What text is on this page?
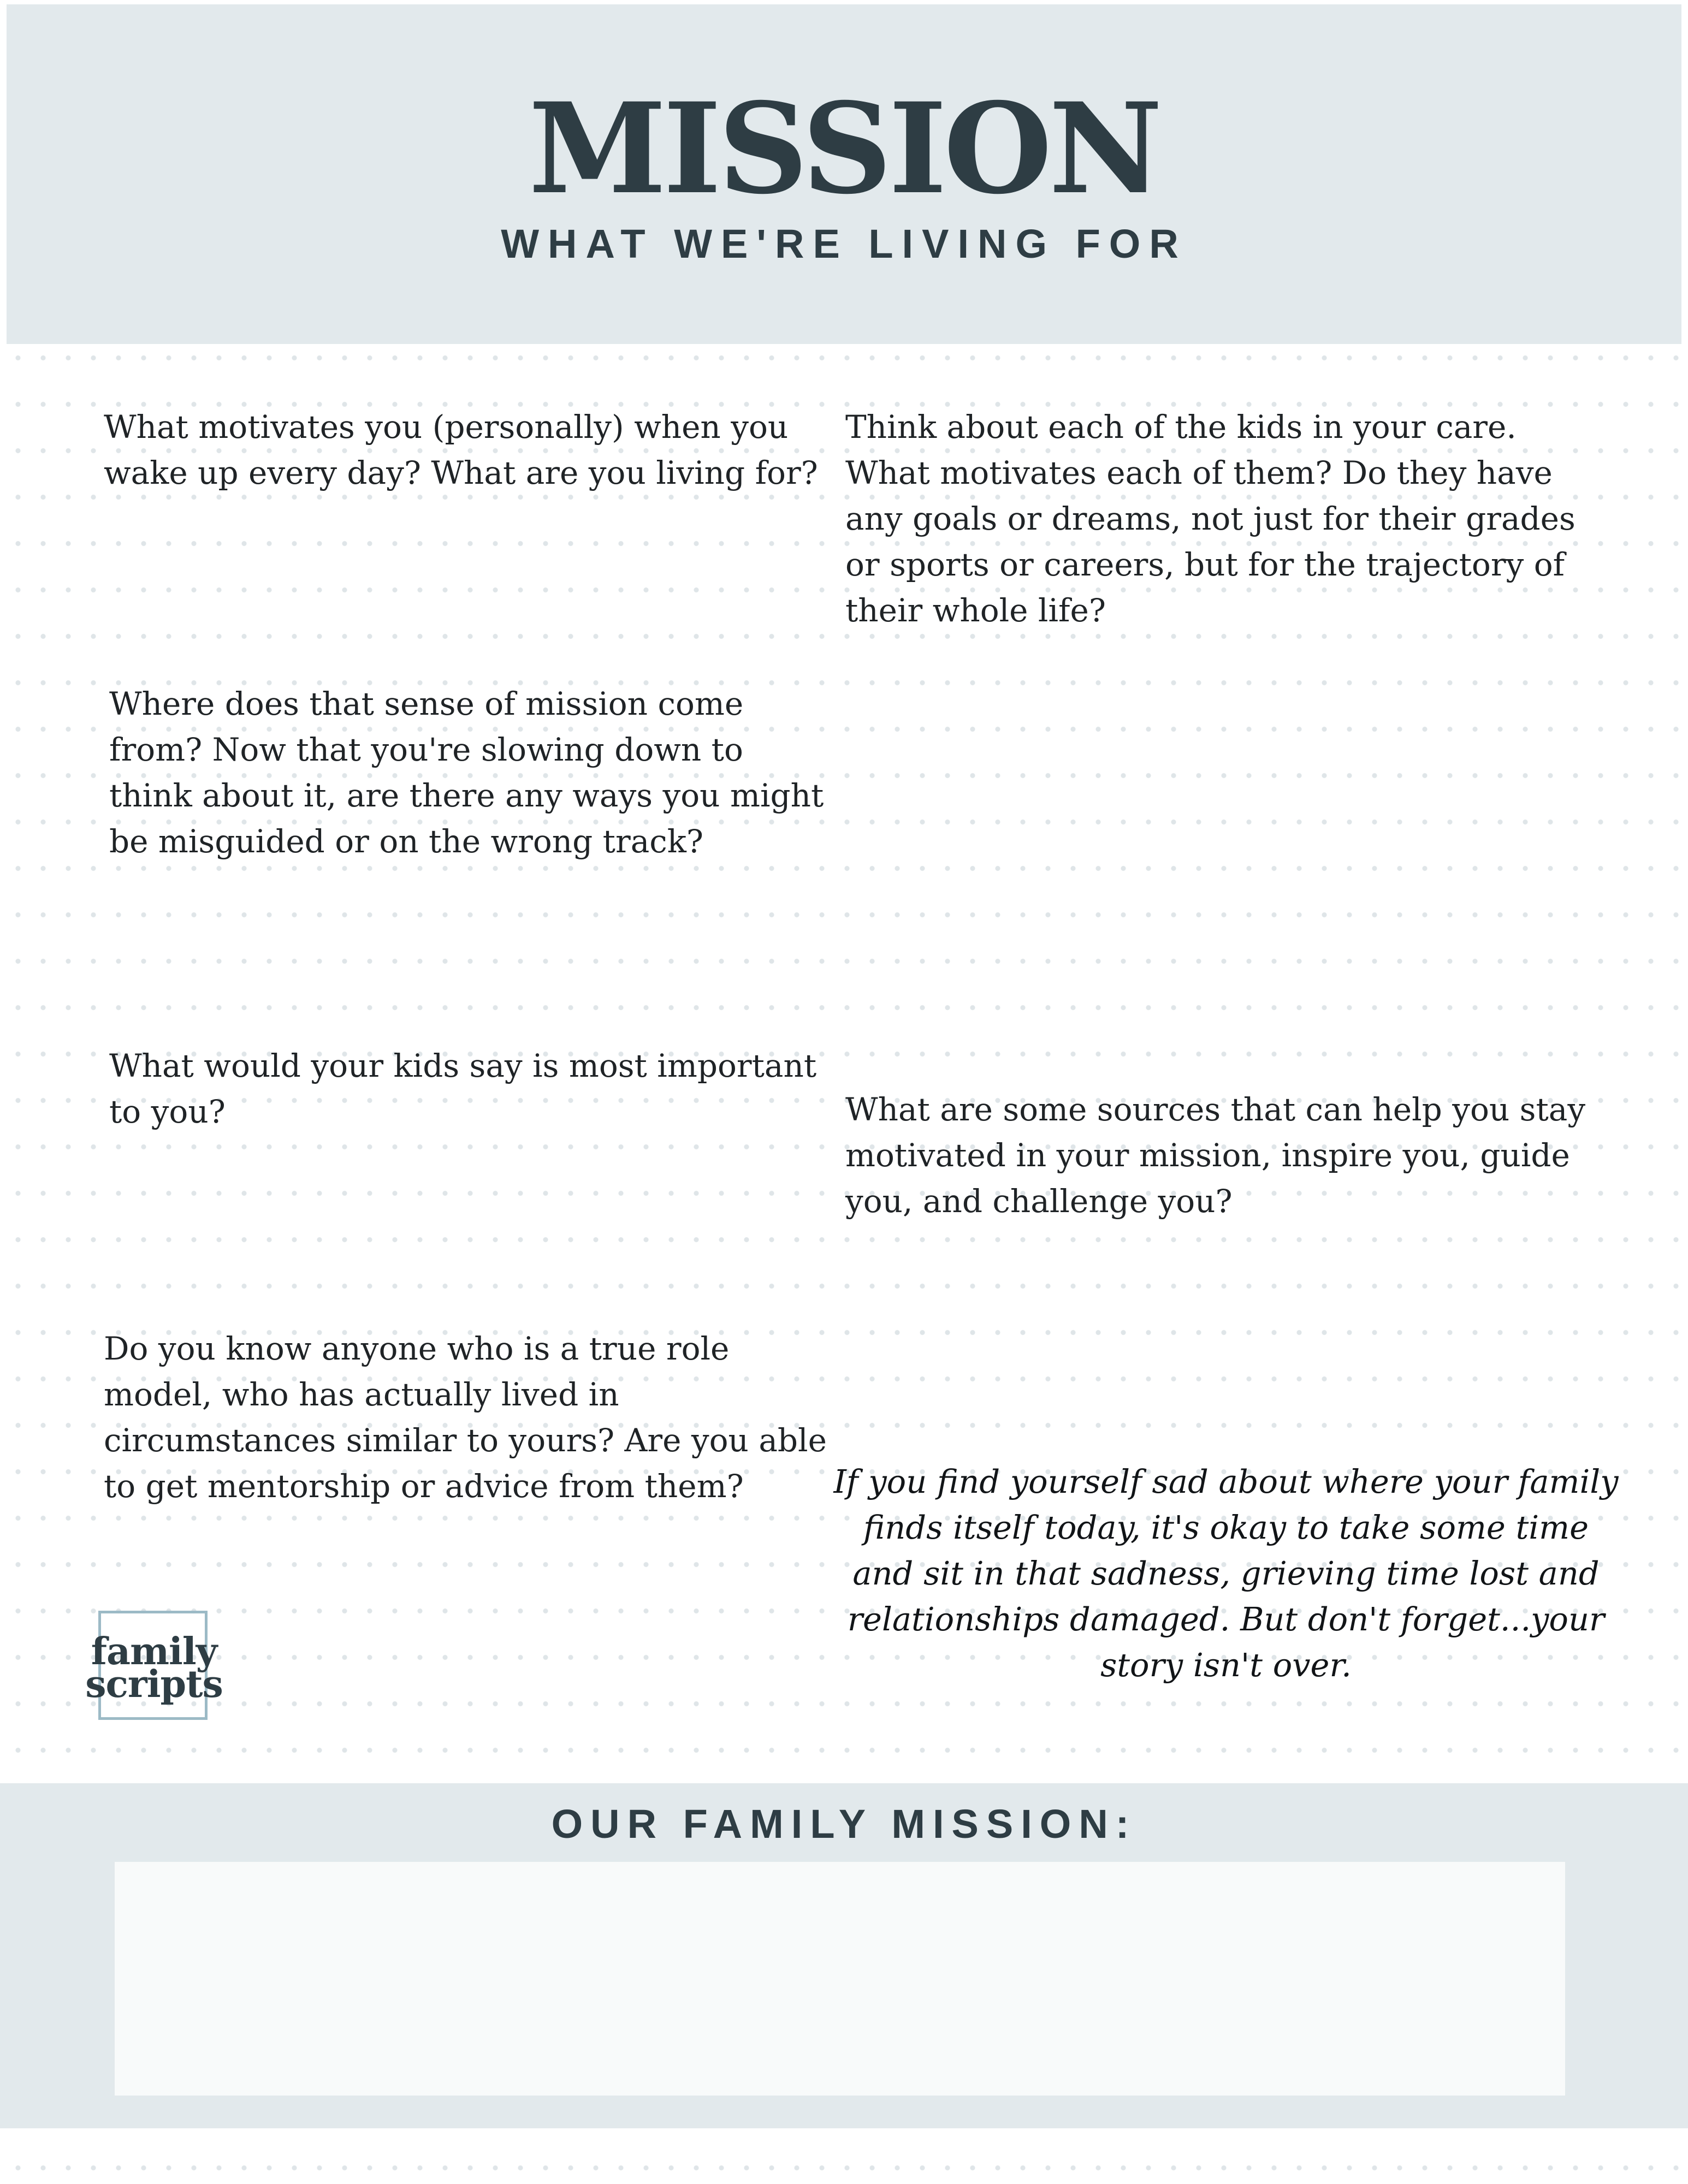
MISSION
WHAT WE'RE LIVING FOR

What motivates you (personally) when you wake up every day? What are you living for?

Think about each of the kids in your care. What motivates each of them? Do they have any goals or dreams, not just for their grades or sports or careers, but for the trajectory of their whole life?

Where does that sense of mission come from? Now that you're slowing down to think about it, are there any ways you might be misguided or on the wrong track?

What would your kids say is most important to you?	What are some sources that can help you stay motivated in your mission, inspire you, guide you, and challenge you?

Do you know anyone who is a true role model, who has actually lived in circumstances similar to yours? Are you able to get mentorship or advice from them?	If you find yourself sad about where your family finds itself today, it's okay to take some time and sit in that sadness, grieving time lost and relationships damaged. But don't forget...your story isn't over.

family
scripts
OUR FAMILY MISSION:
